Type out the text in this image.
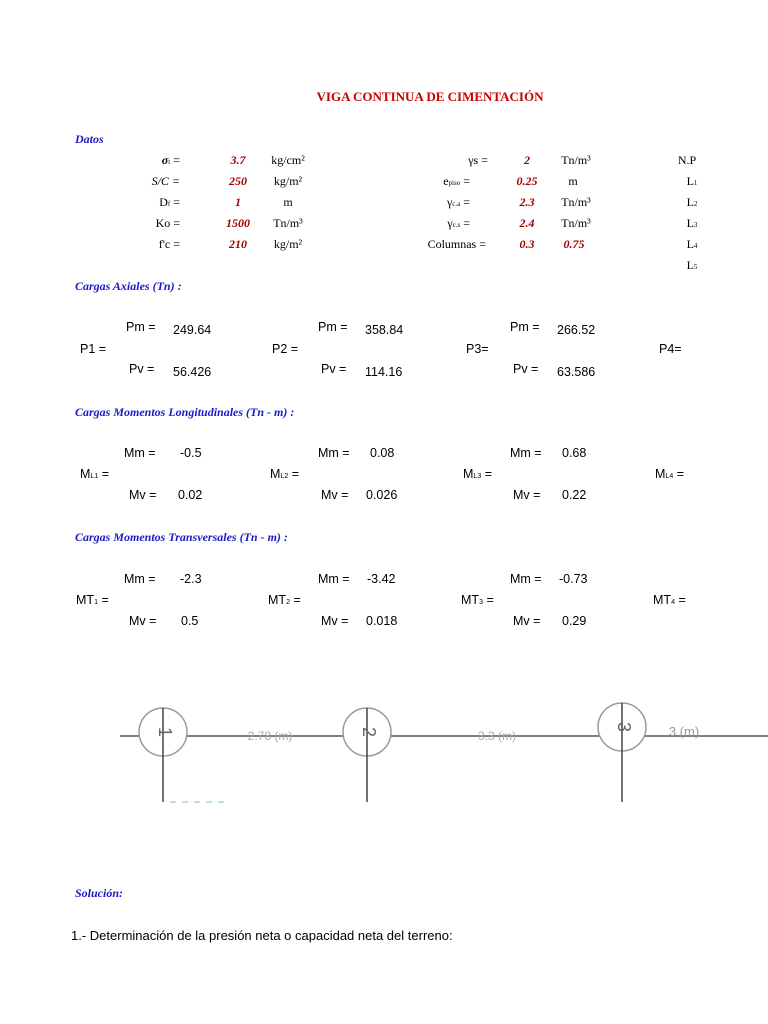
VIGA CONTINUA DE CIMENTACIÓN
Datos
σt =	3.7	kg/cm²
S/C =	250	kg/m²
Df =	1	m
Ko =	1500	Tn/m³
f'c =	210	kg/m²
γs =	2	Tn/m³
episo =	0.25	m
γc.a =	2.3	Tn/m³
γc.s =	2.4	Tn/m³
Columnas =	0.3	0.75
N.P
L1
L2
L3
L4
L5
Cargas Axiales (Tn) :
P1 =
Pm = 249.64
Pv = 56.426
P2 =
Pm = 358.84
Pv = 114.16
P3=
Pm = 266.52
Pv = 63.586
P4=
Cargas Momentos Longitudinales (Tn - m) :
ML1 =
Mm = -0.5
Mv = 0.02
ML2 =
Mm = 0.08
Mv = 0.026
ML3 =
Mm = 0.68
Mv = 0.22
ML4 =
Cargas Momentos Transversales (Tn - m) :
MT1 =
Mm = -2.3
Mv = 0.5
MT2 =
Mm = -3.42
Mv = 0.018
MT3 =
Mm = -0.73
Mv = 0.29
MT4 =
1	2	3
2.78 (m)	3.3 (m)	3 (m)
Solución:
1.- Determinación de la presión neta o capacidad neta del terreno:
